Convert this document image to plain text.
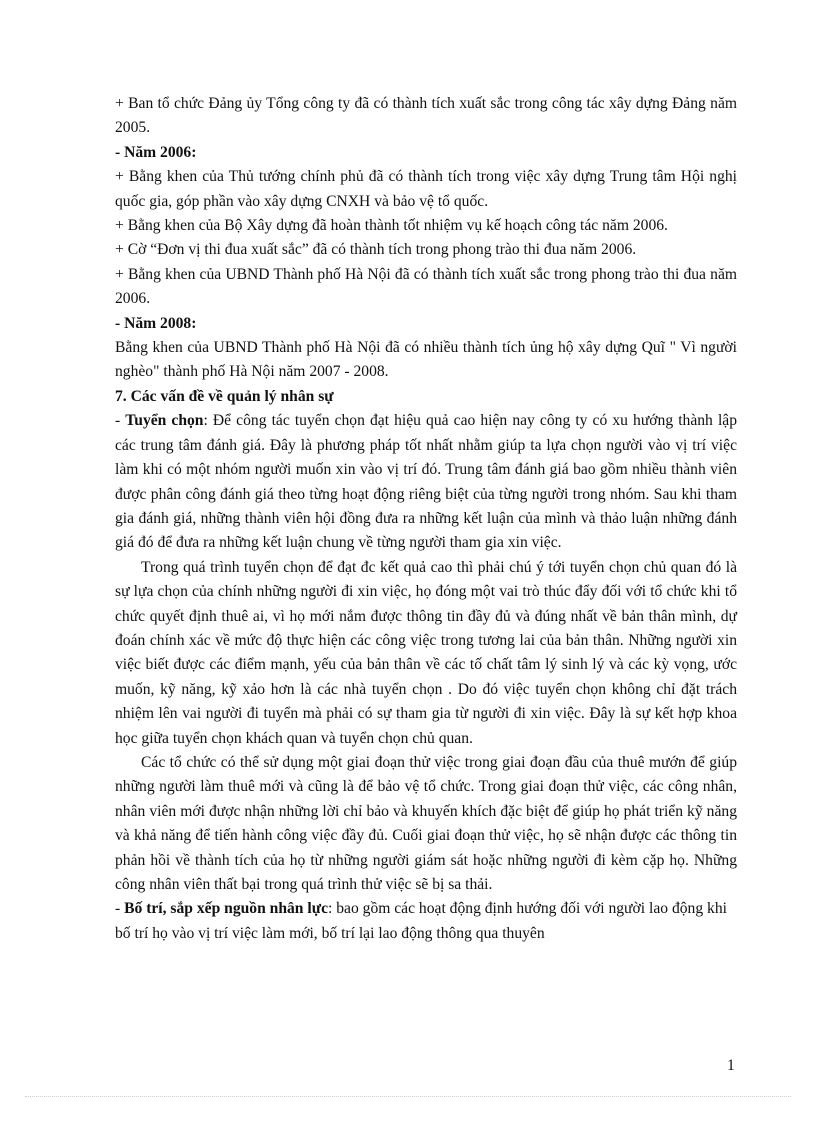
+ Ban tổ chức Đảng ủy Tổng công ty đã có thành tích xuất sắc trong công tác xây dựng Đảng năm 2005.

- Năm 2006:

+ Bằng khen của Thủ tướng chính phủ đã có thành tích trong việc xây dựng Trung tâm Hội nghị quốc gia, góp phần vào xây dựng CNXH và bảo vệ tổ quốc.

+ Bằng khen của Bộ Xây dựng đã hoàn thành tốt nhiệm vụ kế hoạch công tác năm 2006.

+ Cờ “Đơn vị thi đua xuất sắc” đã có thành tích trong phong trào thi đua năm 2006.

+ Bằng khen của UBND Thành phố Hà Nội đã có thành tích xuất sắc trong phong trào thi đua năm 2006.

- Năm 2008:

Bằng khen của UBND Thành phố Hà Nội đã có nhiều thành tích ủng hộ xây dựng Quĩ " Vì người nghèo" thành phố Hà Nội năm 2007 - 2008.

7. Các vấn đề về quản lý nhân sự

- Tuyển chọn: Để công tác tuyển chọn đạt hiệu quả cao hiện nay công ty có xu hướng thành lập các trung tâm đánh giá. Đây là phương pháp tốt nhất nhằm giúp ta lựa chọn người vào vị trí việc làm khi có một nhóm người muốn xin vào vị trí đó. Trung tâm đánh giá bao gồm nhiều thành viên được phân công đánh giá theo từng hoạt động riêng biệt của từng người trong nhóm. Sau khi tham gia đánh giá, những thành viên hội đồng đưa ra những kết luận của mình và thảo luận những đánh giá đó để đưa ra những kết luận chung về từng người tham gia xin việc.

Trong quá trình tuyển chọn để đạt đc kết quả cao thì phải chú ý tới tuyển chọn chủ quan đó là sự lựa chọn của chính những người đi xin việc, họ đóng một vai trò thúc đẩy đối với tổ chức khi tổ chức quyết định thuê ai, vì họ mới nắm được thông tin đầy đủ và đúng nhất về bản thân mình, dự đoán chính xác về mức độ thực hiện các công việc trong tương lai của bản thân. Những người xin việc biết được các điểm mạnh, yếu của bản thân về các tố chất tâm lý sinh lý và các kỳ vọng, ước muốn, kỹ năng, kỹ xảo hơn là các nhà tuyển chọn . Do đó việc tuyển chọn không chỉ đặt trách nhiệm lên vai người đi tuyển mà phải có sự tham gia từ người đi xin việc. Đây là sự kết hợp khoa học giữa tuyển chọn khách quan và tuyển chọn chủ quan.

Các tổ chức có thể sử dụng một giai đoạn thử việc trong giai đoạn đầu của thuê mướn để giúp những người làm thuê mới và cũng là để bảo vệ tổ chức. Trong giai đoạn thử việc, các công nhân, nhân viên mới được nhận những lời chỉ bảo và khuyến khích đặc biệt để giúp họ phát triển kỹ năng và khả năng để tiến hành công việc đầy đủ. Cuối giai đoạn thử việc, họ sẽ nhận được các thông tin phản hồi về thành tích của họ từ những người giám sát hoặc những người đi kèm cặp họ. Những công nhân viên thất bại trong quá trình thử việc sẽ bị sa thải.

- Bố trí, sắp xếp nguồn nhân lực: bao gồm các hoạt động định hướng đối với người lao động khi bố trí họ vào vị trí việc làm mới, bố trí lại lao động thông qua thuyên

1
